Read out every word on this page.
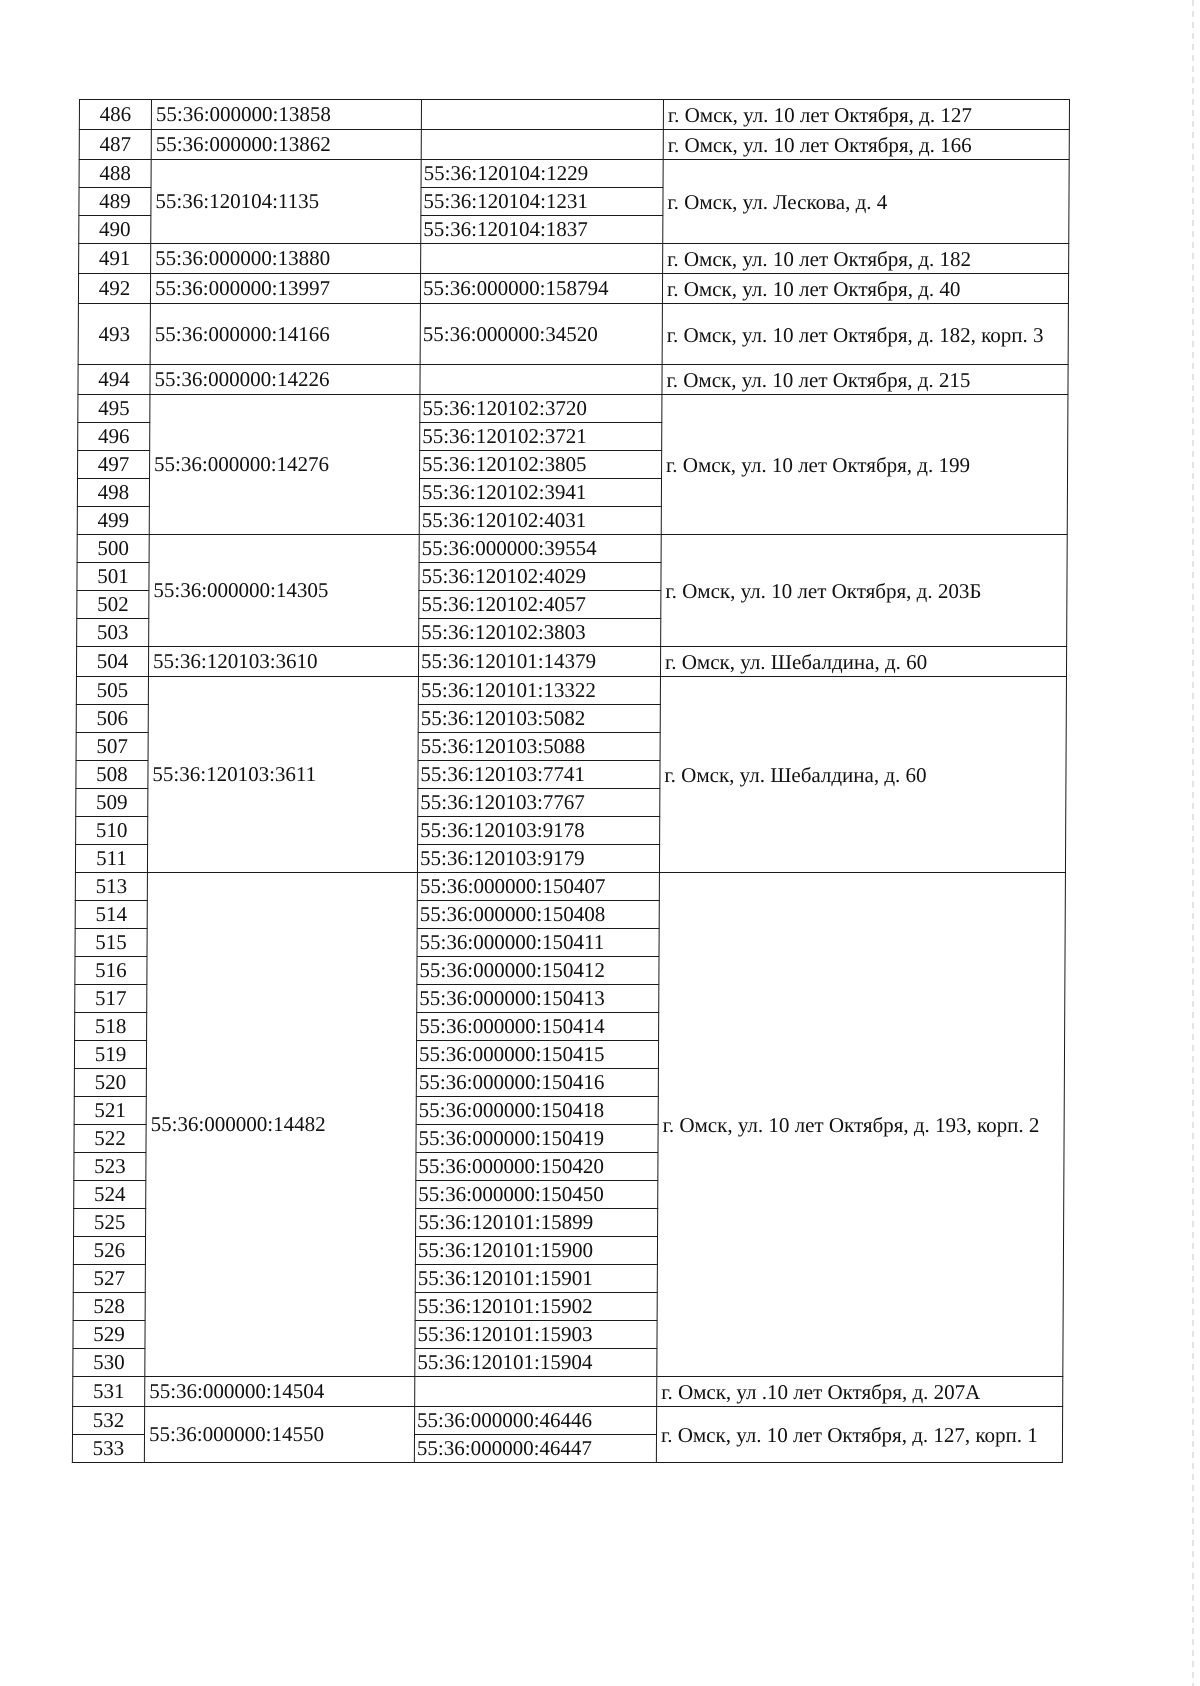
486	55:36:000000:13858		г. Омск, ул. 10 лет Октября, д. 127
487	55:36:000000:13862		г. Омск, ул. 10 лет Октября, д. 166
488	55:36:120104:1135	55:36:120104:1229	г. Омск, ул. Лескова, д. 4
489		55:36:120104:1231	
490		55:36:120104:1837	
491	55:36:000000:13880		г. Омск, ул. 10 лет Октября, д. 182
492	55:36:000000:13997	55:36:000000:158794	г. Омск, ул. 10 лет Октября, д. 40
493	55:36:000000:14166	55:36:000000:34520	г. Омск, ул. 10 лет Октября, д. 182, корп. 3
494	55:36:000000:14226		г. Омск, ул. 10 лет Октября, д. 215
495	55:36:000000:14276	55:36:120102:3720	г. Омск, ул. 10 лет Октября, д. 199
496		55:36:120102:3721	
497		55:36:120102:3805	
498		55:36:120102:3941	
499		55:36:120102:4031	
500	55:36:000000:14305	55:36:000000:39554	г. Омск, ул. 10 лет Октября, д. 203Б
501		55:36:120102:4029	
502		55:36:120102:4057	
503		55:36:120102:3803	
504	55:36:120103:3610	55:36:120101:14379	г. Омск, ул. Шебалдина, д. 60
505	55:36:120103:3611	55:36:120101:13322	г. Омск, ул. Шебалдина, д. 60
506		55:36:120103:5082	
507		55:36:120103:5088	
508		55:36:120103:7741	
509		55:36:120103:7767	
510		55:36:120103:9178	
511		55:36:120103:9179	
513	55:36:000000:14482	55:36:000000:150407	г. Омск, ул. 10 лет Октября, д. 193, корп. 2
514		55:36:000000:150408	
515		55:36:000000:150411	
516		55:36:000000:150412	
517		55:36:000000:150413	
518		55:36:000000:150414	
519		55:36:000000:150415	
520		55:36:000000:150416	
521		55:36:000000:150418	
522		55:36:000000:150419	
523		55:36:000000:150420	
524		55:36:000000:150450	
525		55:36:120101:15899	
526		55:36:120101:15900	
527		55:36:120101:15901	
528		55:36:120101:15902	
529		55:36:120101:15903	
530		55:36:120101:15904	
531	55:36:000000:14504		г. Омск, ул .10 лет Октября, д. 207А
532	55:36:000000:14550	55:36:000000:46446	г. Омск, ул. 10 лет Октября, д. 127, корп. 1
533		55:36:000000:46447	
